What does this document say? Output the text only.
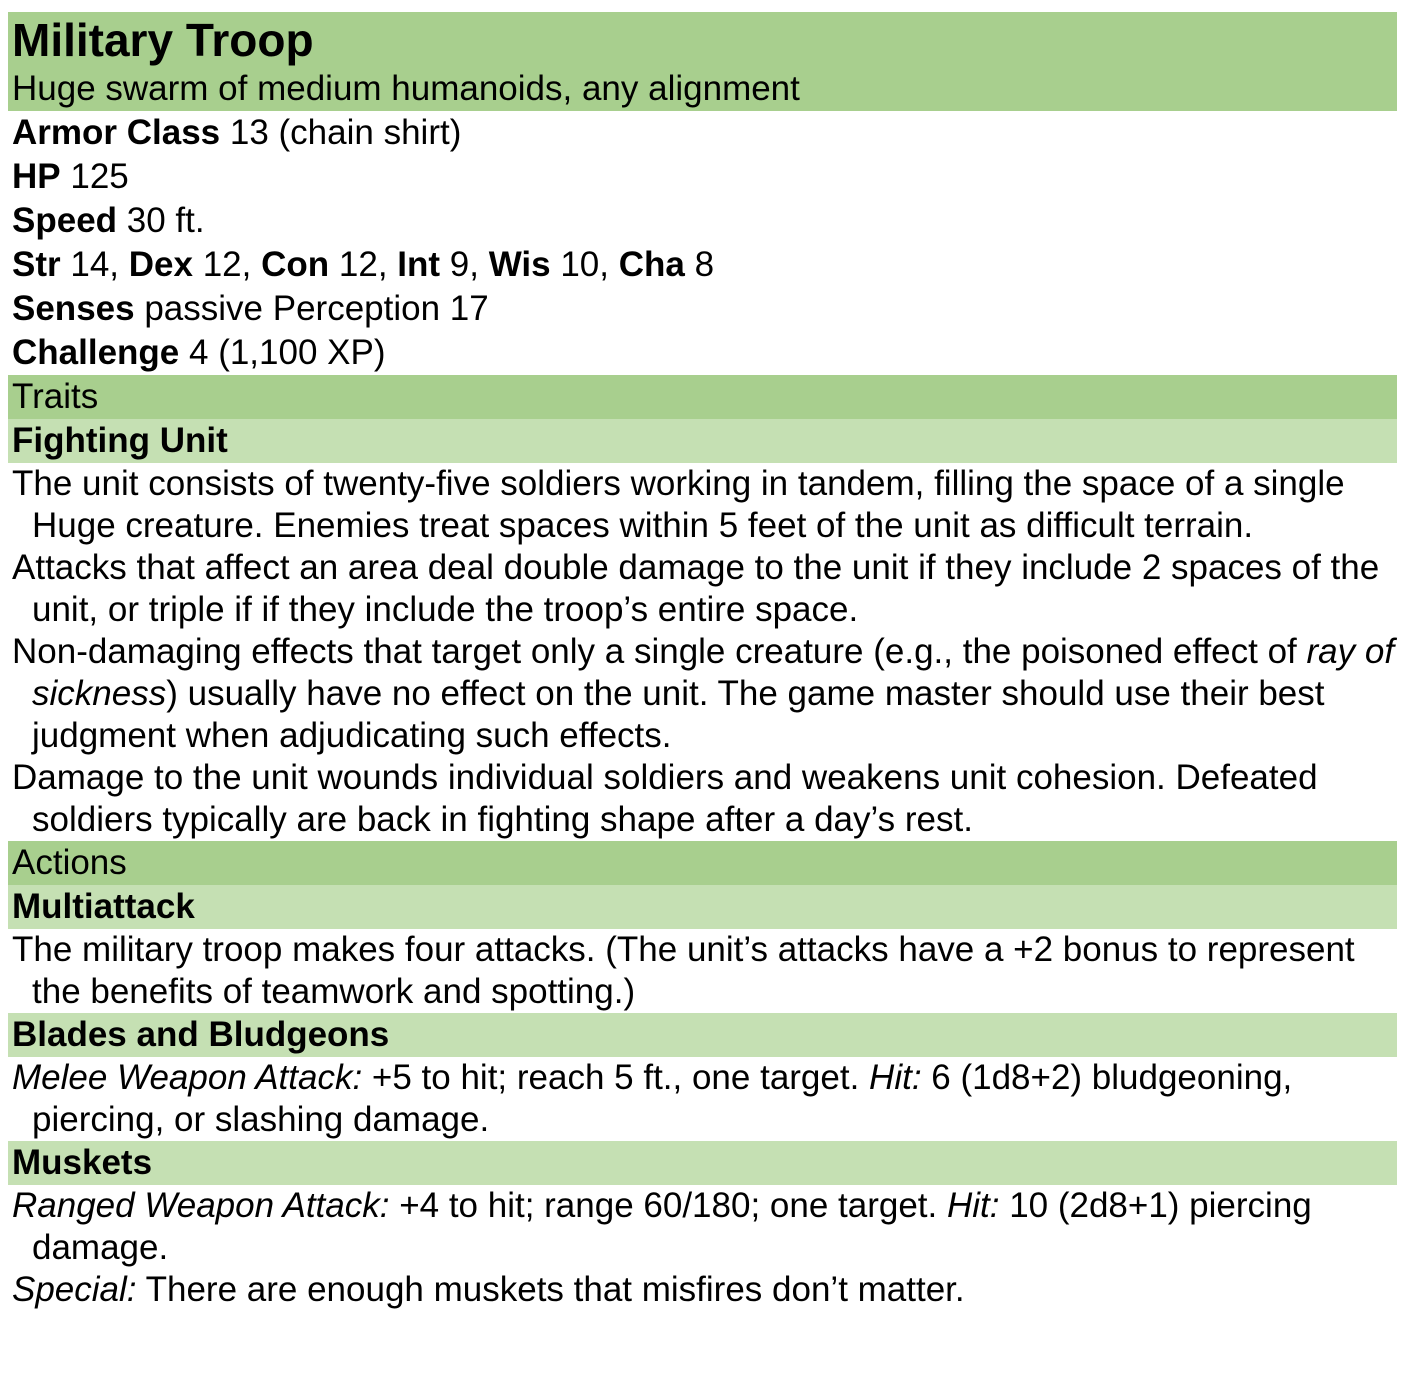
Military Troop
Huge swarm of medium humanoids, any alignment
Armor Class 13 (chain shirt)
HP 125
Speed 30 ft.
Str 14, Dex 12, Con 12, Int 9, Wis 10, Cha 8
Senses passive Perception 17
Challenge 4 (1,100 XP)
Traits
Fighting Unit

The unit consists of twenty-five soldiers working in tandem, filling the space of a single Huge creature. Enemies treat spaces within 5 feet of the unit as difficult terrain.

Attacks that affect an area deal double damage to the unit if they include 2 spaces of the unit, or triple if if they include the troop’s entire space.

Non-damaging effects that target only a single creature (e.g., the poisoned effect of ray of sickness) usually have no effect on the unit. The game master should use their best judgment when adjudicating such effects.

Damage to the unit wounds individual soldiers and weakens unit cohesion. Defeated soldiers typically are back in fighting shape after a day’s rest.

Actions
Multiattack

The military troop makes four attacks. (The unit’s attacks have a +2 bonus to represent the benefits of teamwork and spotting.)

Blades and Bludgeons

Melee Weapon Attack: +5 to hit; reach 5 ft., one target. Hit: 6 (1d8+2) bludgeoning, piercing, or slashing damage.

Muskets

Ranged Weapon Attack: +4 to hit; range 60/180; one target. Hit: 10 (2d8+1) piercing damage.

Special: There are enough muskets that misfires don’t matter.
